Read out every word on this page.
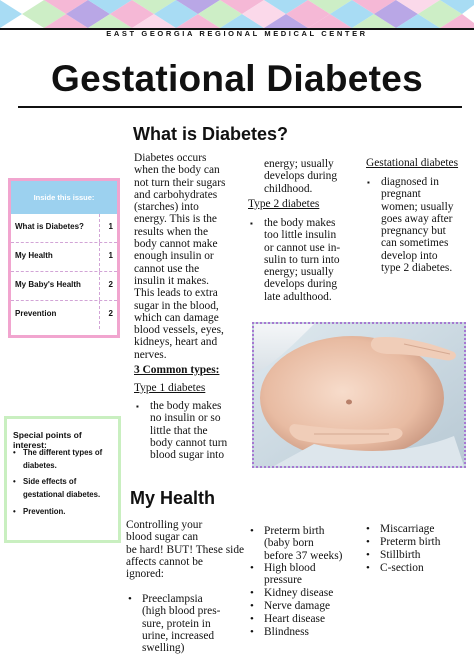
EAST GEORGIA REGIONAL MEDICAL CENTER
Gestational Diabetes
Inside this issue:
What is Diabetes?	1
My Health	1
My Baby's Health	2
Prevention	2
Special points of interest:
• The different types of
diabetes.
• Side effects of
gestational diabetes.
• Prevention.
What is Diabetes?
Diabetes occurs
when the body can
not turn their sugars
and carbohydrates
(starches) into
energy. This is the
results when the
body cannot make
enough insulin or
cannot use the
insulin it makes.
This leads to extra
sugar in the blood,
which can damage
blood vessels, eyes,
kidneys, heart and
nerves.
3 Common types:
Type 1 diabetes
▪ the body makes
no insulin or so
little that the
body cannot turn
blood sugar into
energy; usually
develops during
childhood.
Type 2 diabetes
▪ the body makes
too little insulin
or cannot use in-
sulin to turn into
energy; usually
develops during
late adulthood.
Gestational diabetes
▪ diagnosed in
pregnant
women; usually
goes away after
pregnancy but
can sometimes
develop into
type 2 diabetes.
My Health
Controlling your
blood sugar can
be hard! BUT! These side
affects cannot be
ignored:
• Preeclampsia
(high blood pres-
sure, protein in
urine, increased
swelling)
• Preterm birth
(baby born
before 37 weeks)
• High blood
pressure
• Kidney disease
• Nerve damage
• Heart disease
• Blindness
• Miscarriage
• Preterm birth
• Stillbirth
• C-section
